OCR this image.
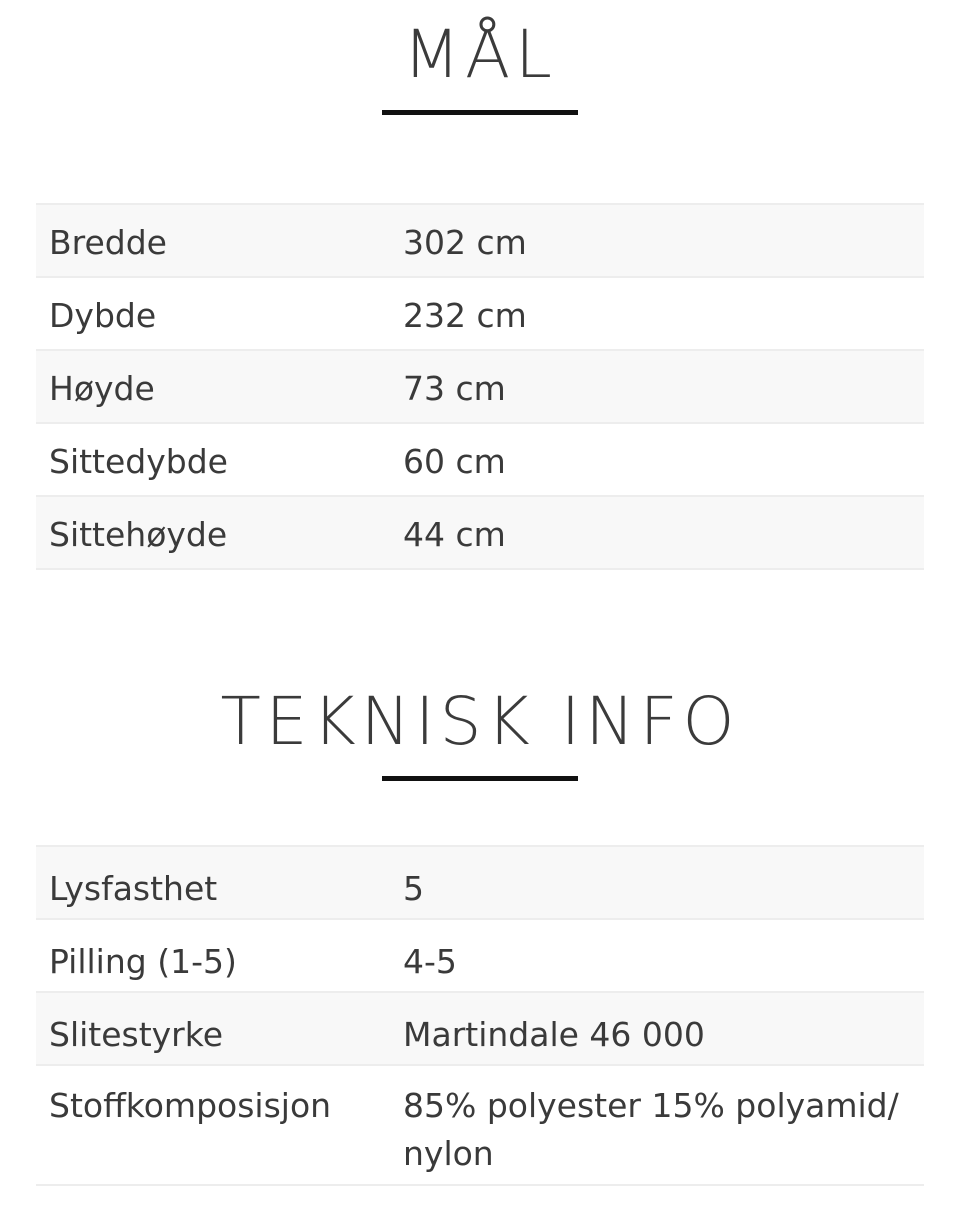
MÅL
Bredde	302 cm
Dybde	232 cm
Høyde	73 cm
Sittedybde	60 cm
Sittehøyde	44 cm
TEKNISK INFO
Lysfasthet	5
Pilling (1-5)	4-5
Slitestyrke	Martindale 46 000
Stoffkomposisjon	85% polyester 15% polyamid/nylon
